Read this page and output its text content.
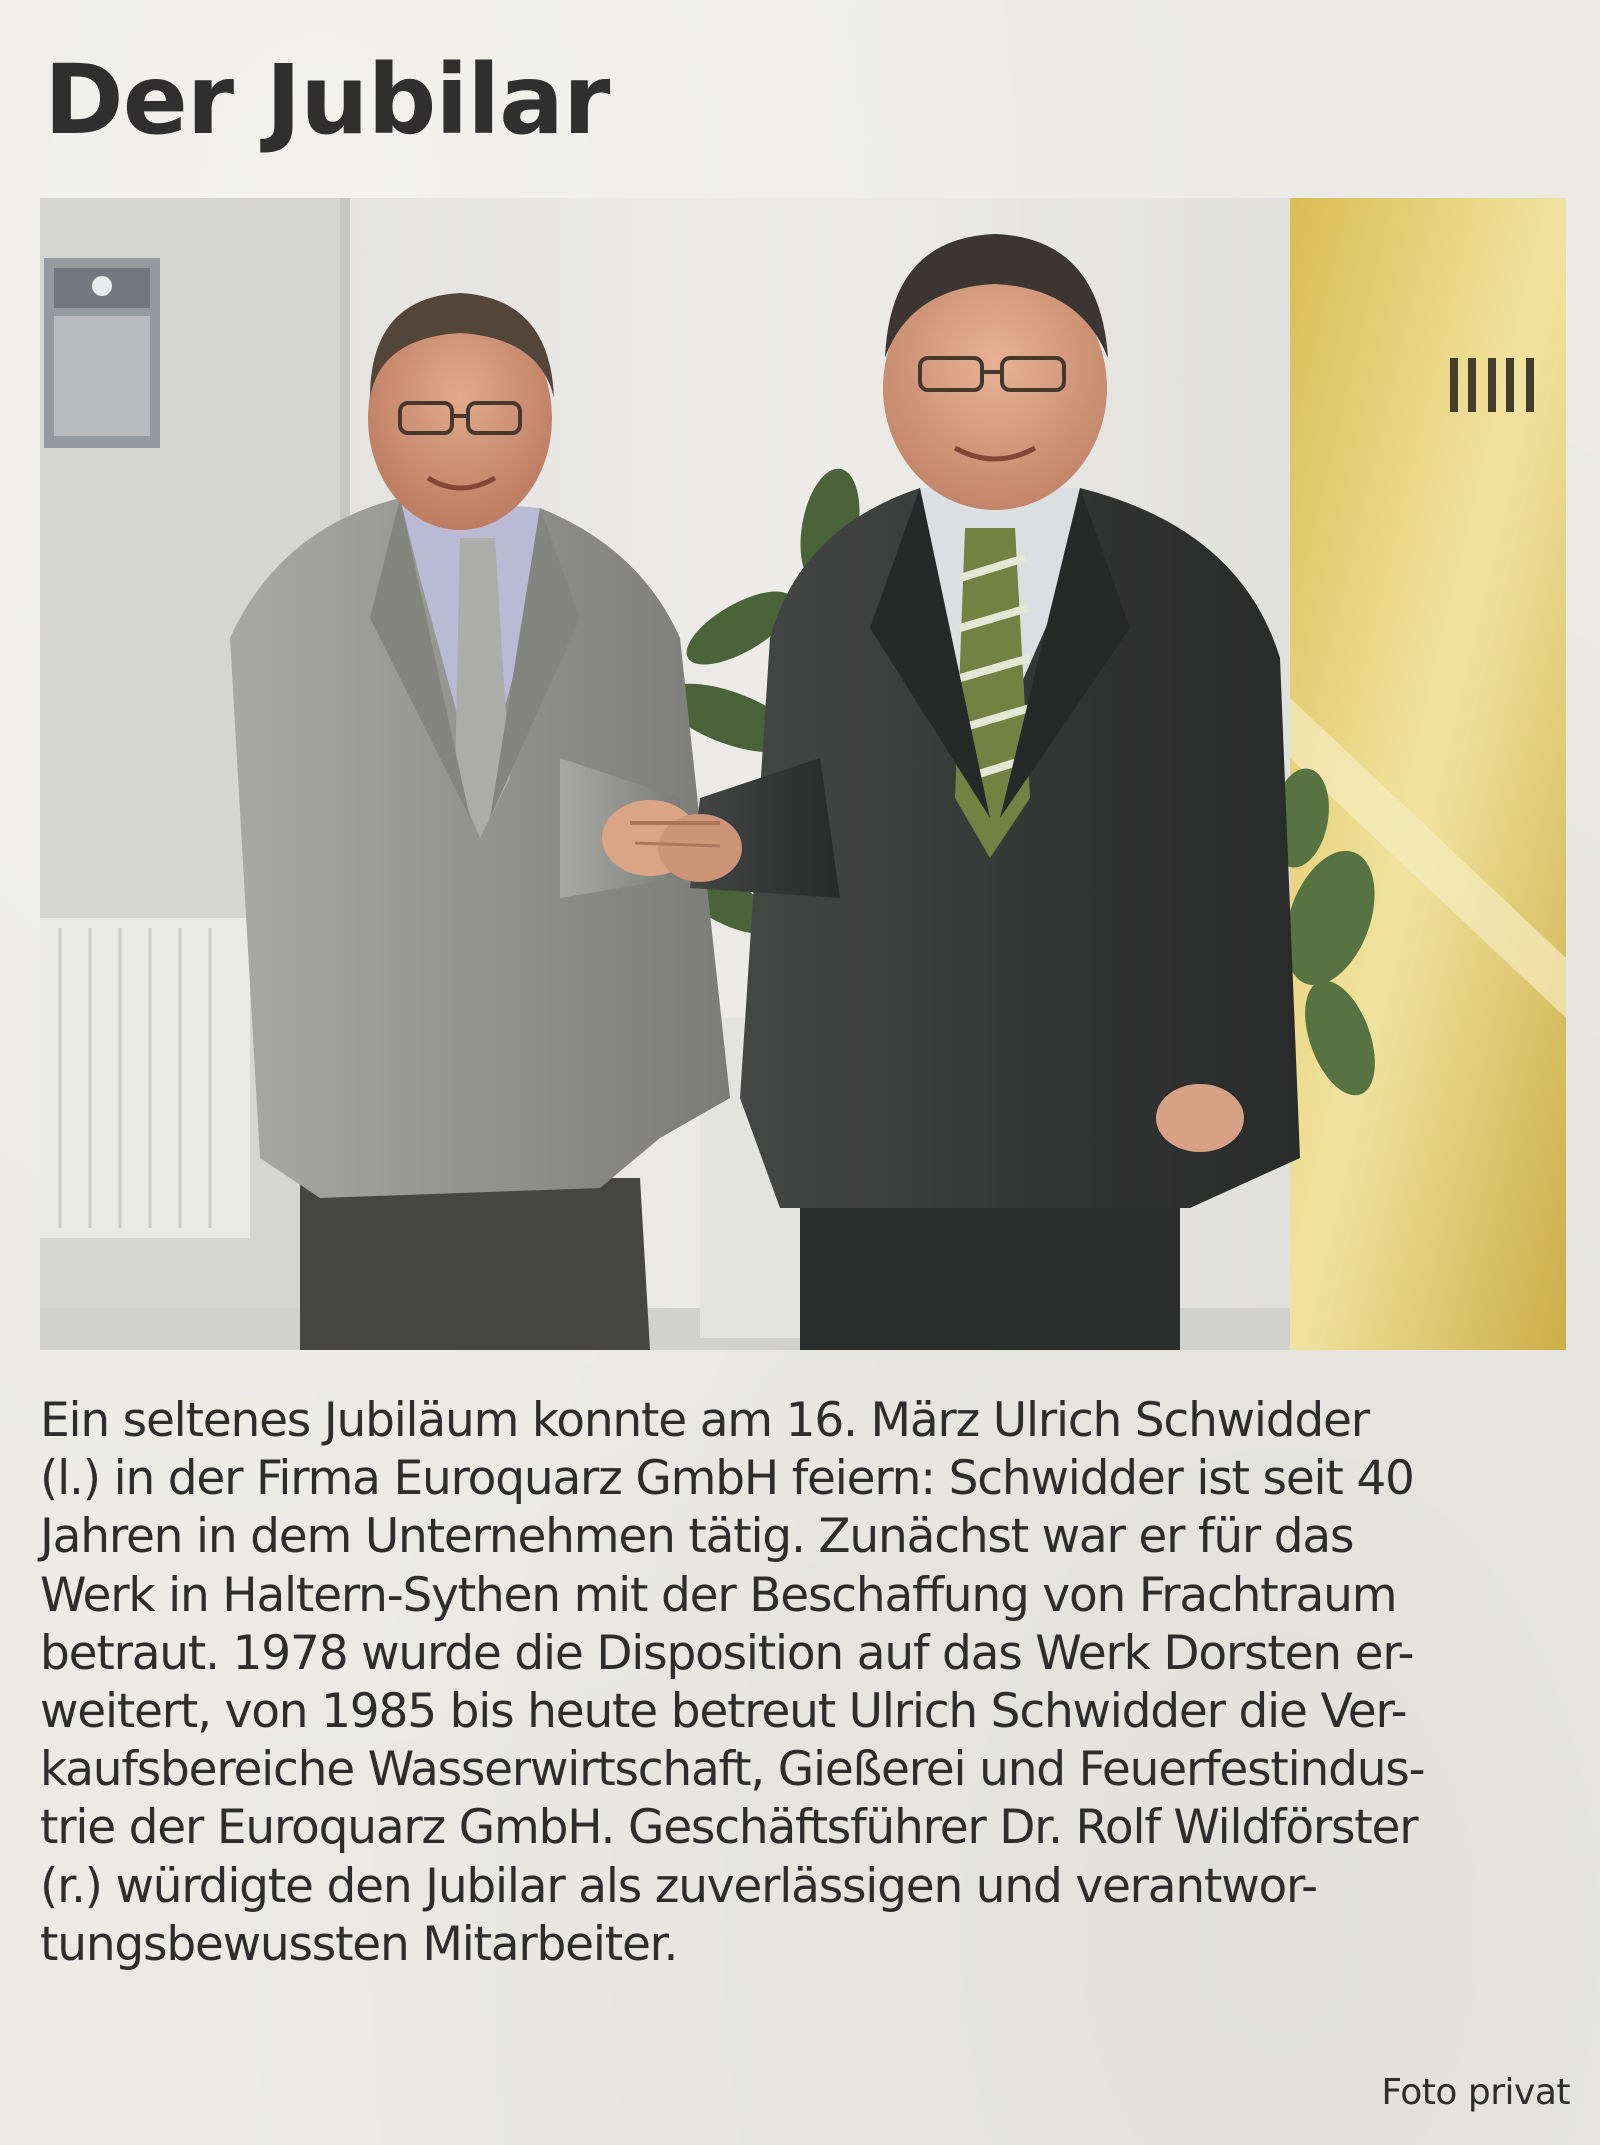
Der Jubilar

Ein seltenes Jubiläum konnte am 16. März Ulrich Schwidder
(l.) in der Firma Euroquarz GmbH feiern: Schwidder ist seit 40
Jahren in dem Unternehmen tätig. Zunächst war er für das
Werk in Haltern-Sythen mit der Beschaffung von Frachtraum
betraut. 1978 wurde die Disposition auf das Werk Dorsten er-
weitert, von 1985 bis heute betreut Ulrich Schwidder die Ver-
kaufsbereiche Wasserwirtschaft, Gießerei und Feuerfestindus-
trie der Euroquarz GmbH. Geschäftsführer Dr. Rolf Wildförster
(r.) würdigte den Jubilar als zuverlässigen und verantwor-
tungsbewussten Mitarbeiter.

Foto privat
